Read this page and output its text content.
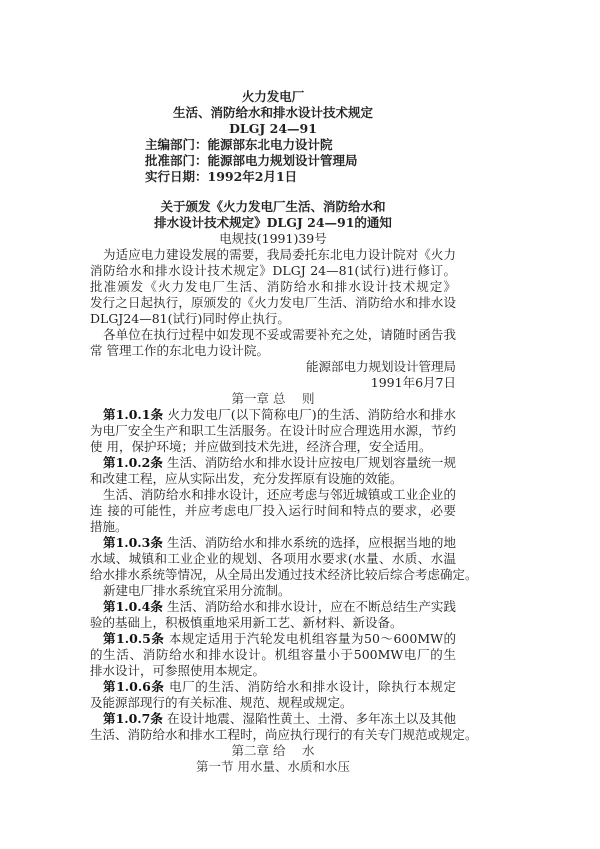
火力发电厂
生活、消防给水和排水设计技术规定
DLGJ 24—91
主编部门：能源部东北电力设计院
批准部门：能源部电力规划设计管理局
实行日期：1992年2月1日
关于颁发《火力发电厂生活、消防给水和
排水设计技术规定》DLGJ 24—91的通知
电规技(1991)39号
为适应电力建设发展的需要，我局委托东北电力设计院对《火力
消防给水和排水设计技术规定》DLGJ 24—81(试行)进行修订。
批准颁发《火力发电厂生活、消防给水和排水设计技术规定》
发行之日起执行，原颁发的《火力发电厂生活、消防给水和排水设
DLGJ24—81(试行)同时停止执行。
各单位在执行过程中如发现不妥或需要补充之处，请随时函告我
常 管理工作的东北电力设计院。
能源部电力规划设计管理局
1991年6月7日
第一章 总　 则
第1.0.1条 火力发电厂(以下简称电厂)的生活、消防给水和排水
为电厂安全生产和职工生活服务。在设计时应合理选用水源，节约
使 用，保护环境；并应做到技术先进，经济合理，安全适用。
第1.0.2条 生活、消防给水和排水设计应按电厂规划容量统一规
和改建工程，应从实际出发，充分发挥原有设施的效能。
生活、消防给水和排水设计，还应考虑与邻近城镇或工业企业的
连 接的可能性，并应考虑电厂投入运行时间和特点的要求，必要
措施。
第1.0.3条 生活、消防给水和排水系统的选择，应根据当地的地
水域、城镇和工业企业的规划、各项用水要求(水量、水质、水温
给水排水系统等情况，从全局出发通过技术经济比较后综合考虑确定。
新建电厂排水系统宜采用分流制。
第1.0.4条 生活、消防给水和排水设计，应在不断总结生产实践
验的基础上，积极慎重地采用新工艺、新材料、新设备。
第1.0.5条 本规定适用于汽轮发电机组容量为50～600MW的
的生活、消防给水和排水设计。机组容量小于500MW电厂的生
排水设计，可参照使用本规定。
第1.0.6条 电厂的生活、消防给水和排水设计，除执行本规定
及能源部现行的有关标准、规范、规程或规定。
第1.0.7条 在设计地震、湿陷性黄土、土滑、多年冻土以及其他
生活、消防给水和排水工程时，尚应执行现行的有关专门规范或规定。
第二章 给　 水
第一节 用水量、水质和水压
